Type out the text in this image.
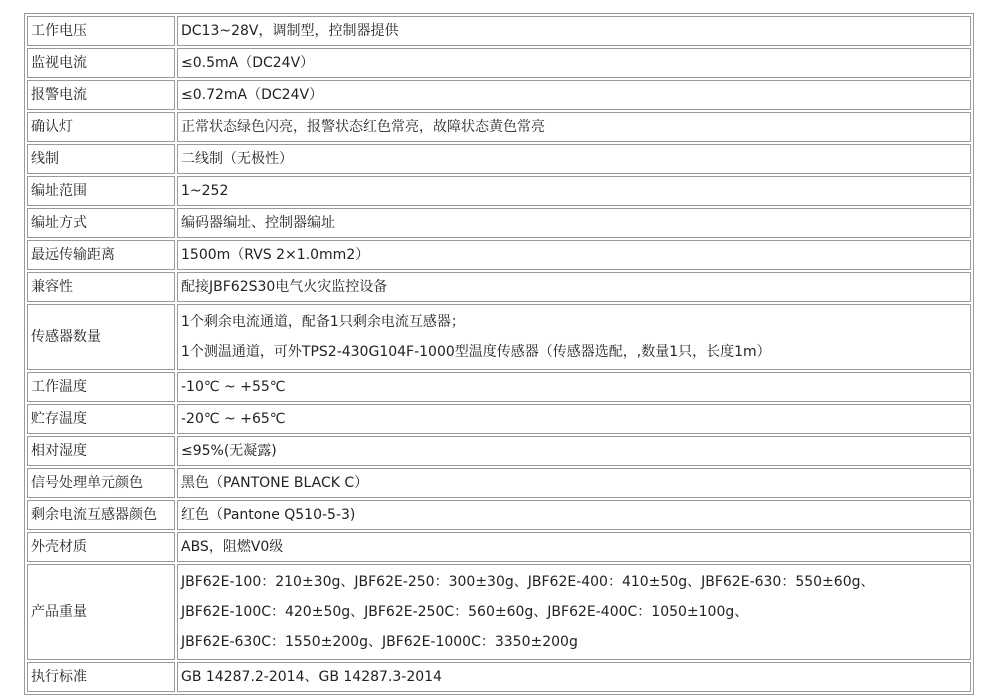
工作电压	DC13~28V，调制型，控制器提供
监视电流	≤0.5mA（DC24V）
报警电流	≤0.72mA（DC24V）
确认灯	正常状态绿色闪亮，报警状态红色常亮，故障状态黄色常亮
线制	二线制（无极性）
编址范围	1~252
编址方式	编码器编址、控制器编址
最远传输距离	1500m（RVS 2×1.0mm2）
兼容性	配接JBF62S30电气火灾监控设备
传感器数量	1个剩余电流通道，配备1只剩余电流互感器；
1个测温通道，可外TPS2-430G104F-1000型温度传感器（传感器选配，,数量1只，长度1m）

工作温度	-10℃ ~ +55℃
贮存温度	-20℃ ~ +65℃
相对湿度	≤95%(无凝露)
信号处理单元颜色	黑色（PANTONE BLACK C）
剩余电流互感器颜色	红色（Pantone Q510-5-3)
外壳材质	ABS，阻燃V0级
产品重量	JBF62E-100：210±30g、JBF62E-250：300±30g、JBF62E-400：410±50g、JBF62E-630：550±60g、
JBF62E-100C：420±50g、JBF62E-250C：560±60g、JBF62E-400C：1050±100g、
JBF62E-630C：1550±200g、JBF62E-1000C：3350±200g

执行标准	GB 14287.2-2014、GB 14287.3-2014
